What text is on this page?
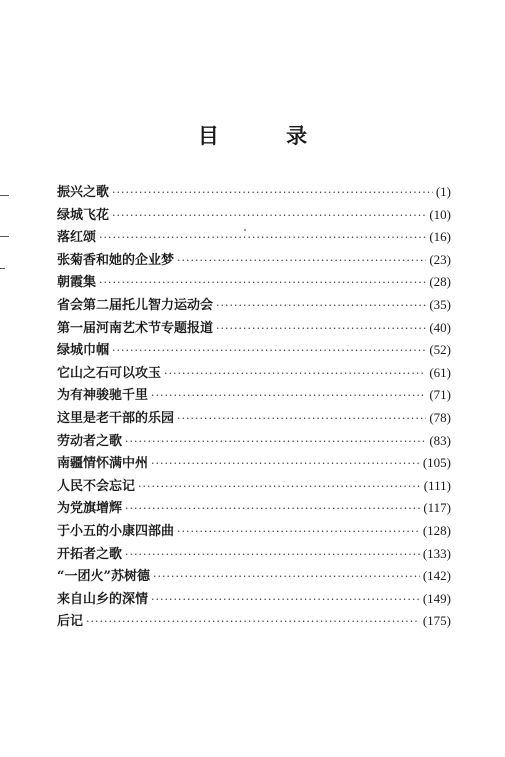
目 录
振兴之歌 ·····	(1)
绿城飞花 ·····	(10)
落红颂 ·····	(16)
张菊香和她的企业梦 ·····	(23)
朝霞集 ·····	(28)
省会第二届托儿智力运动会 ·····	(35)
第一届河南艺术节专题报道 ·····	(40)
绿城巾帼 ·····	(52)
它山之石可以攻玉 ·····	(61)
为有神骏驰千里 ·····	(71)
这里是老干部的乐园 ·····	(78)
劳动者之歌 ·····	(83)
南疆情怀满中州 ·····	(105)
人民不会忘记 ·····	(111)
为党旗增辉 ·····	(117)
于小五的小康四部曲 ·····	(128)
开拓者之歌 ·····	(133)
“一团火”苏树德 ·····	(142)
来自山乡的深情 ·····	(149)
后记 ·····	(175)
